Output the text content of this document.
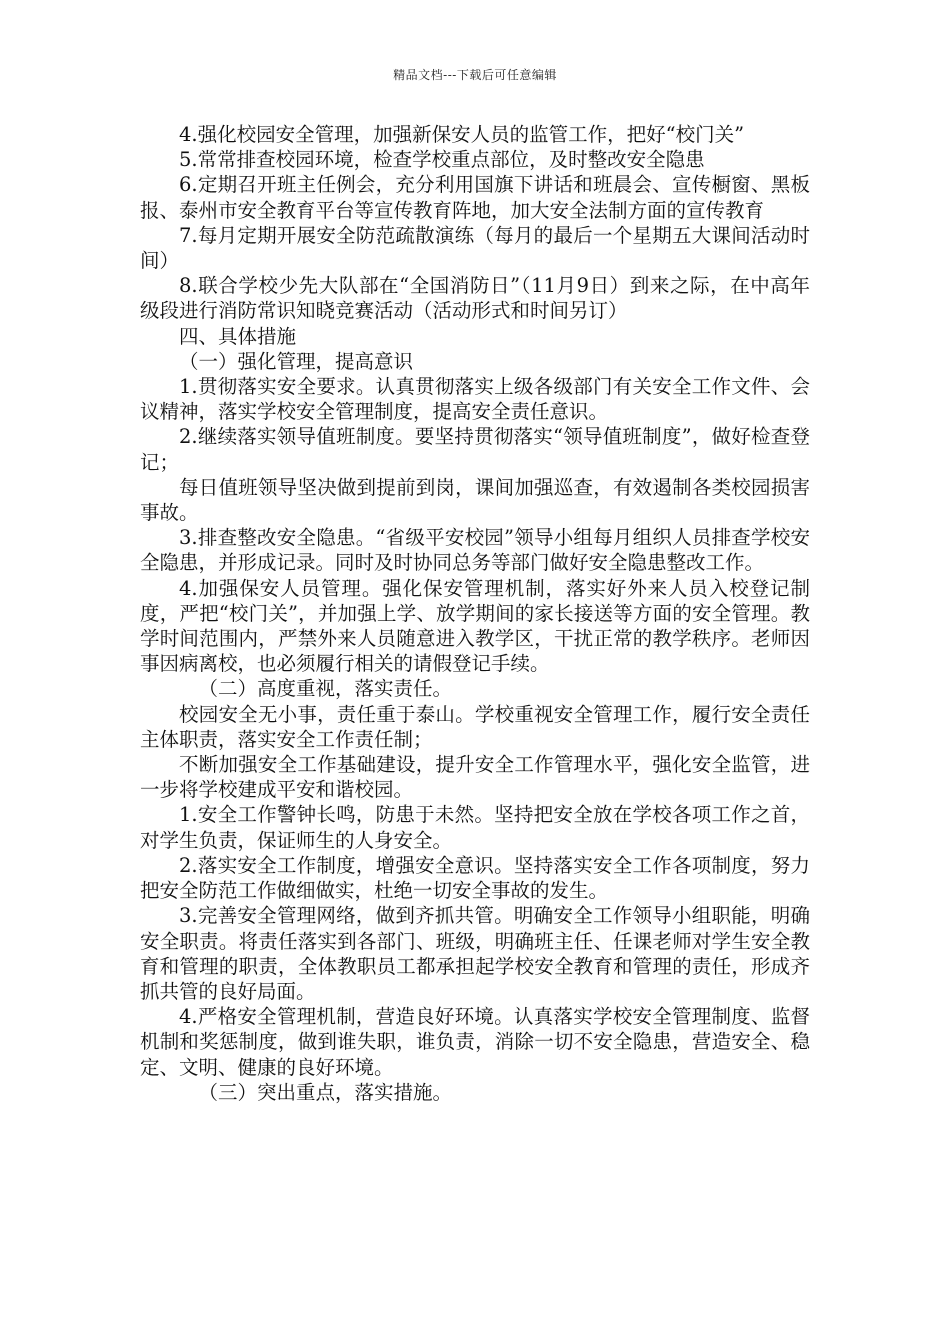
精品文档---下载后可任意编辑

4.强化校园安全管理，加强新保安人员的监管工作，把好“校门关”

5.常常排查校园环境，检查学校重点部位，及时整改安全隐患

6.定期召开班主任例会，充分利用国旗下讲话和班晨会、宣传橱窗、黑板报、泰州市安全教育平台等宣传教育阵地，加大安全法制方面的宣传教育

7.每月定期开展安全防范疏散演练（每月的最后一个星期五大课间活动时间）

8.联合学校少先大队部在“全国消防日”（11月9日）到来之际，在中高年级段进行消防常识知晓竞赛活动（活动形式和时间另订）

四、具体措施

（一）强化管理，提高意识

1.贯彻落实安全要求。认真贯彻落实上级各级部门有关安全工作文件、会议精神，落实学校安全管理制度，提高安全责任意识。

2.继续落实领导值班制度。要坚持贯彻落实“领导值班制度”，做好检查登记；

每日值班领导坚决做到提前到岗，课间加强巡查，有效遏制各类校园损害事故。

3.排查整改安全隐患。“省级平安校园”领导小组每月组织人员排查学校安全隐患，并形成记录。同时及时协同总务等部门做好安全隐患整改工作。

4.加强保安人员管理。强化保安管理机制，落实好外来人员入校登记制度，严把“校门关”，并加强上学、放学期间的家长接送等方面的安全管理。教学时间范围内，严禁外来人员随意进入教学区，干扰正常的教学秩序。老师因事因病离校，也必须履行相关的请假登记手续。

（二）高度重视，落实责任。

校园安全无小事，责任重于泰山。学校重视安全管理工作，履行安全责任主体职责，落实安全工作责任制；

不断加强安全工作基础建设，提升安全工作管理水平，强化安全监管，进一步将学校建成平安和谐校园。

1.安全工作警钟长鸣，防患于未然。坚持把安全放在学校各项工作之首，对学生负责，保证师生的人身安全。

2.落实安全工作制度，增强安全意识。坚持落实安全工作各项制度，努力把安全防范工作做细做实，杜绝一切安全事故的发生。

3.完善安全管理网络，做到齐抓共管。明确安全工作领导小组职能，明确安全职责。将责任落实到各部门、班级，明确班主任、任课老师对学生安全教育和管理的职责，全体教职员工都承担起学校安全教育和管理的责任，形成齐抓共管的良好局面。

4.严格安全管理机制，营造良好环境。认真落实学校安全管理制度、监督机制和奖惩制度，做到谁失职，谁负责，消除一切不安全隐患，营造安全、稳定、文明、健康的良好环境。

（三）突出重点，落实措施。
